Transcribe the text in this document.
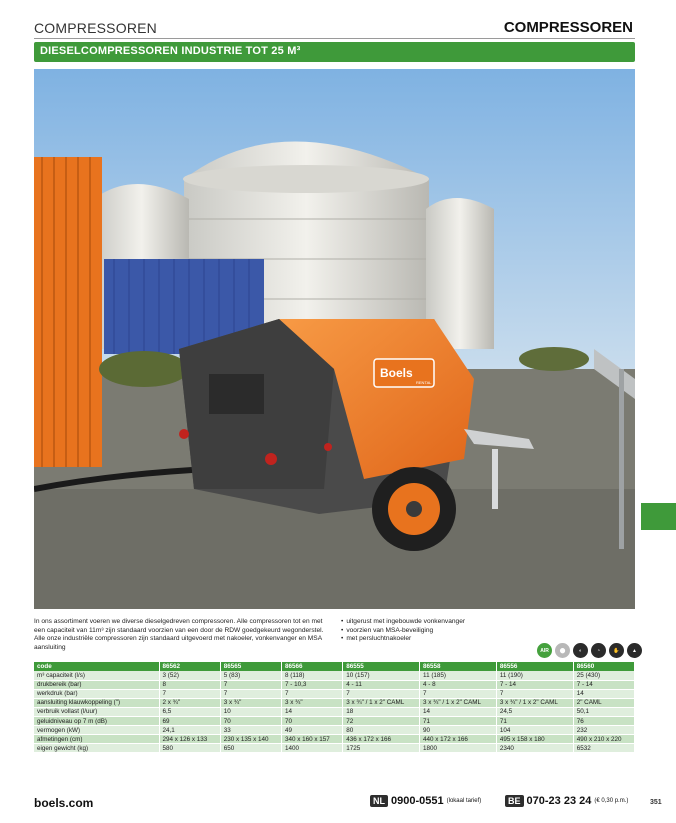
COMPRESSOREN	COMPRESSOREN
DIESELCOMPRESSOREN INDUSTRIE TOT 25 M³
Boels
RENTAL

In ons assortiment voeren we diverse dieselgedreven compressoren. Alle compressoren tot en met een capaciteit van 11m³ zijn standaard voorzien van een door de RDW goedgekeurd wegonderstel. Alle onze industriële compressoren zijn standaard uitgevoerd met nakoeler, vonkenvanger en MSA aansluiting

• uitgerust met ingebouwde vonkenvanger
• voorzien van MSA-beveiliging
• met persluchtnakoeler
AIR	⬤	◐	◔	✋	▲
code	86562	86565	86566	86555	86558	86556	86560
m³ capaciteit (l/s)	3 (52)	5 (83)	8 (118)	10 (157)	11 (185)	11 (190)	25 (430)
drukbereik (bar)	8	7	7 - 10,3	4 - 11	4 - 8	7 - 14	7 - 14
werkdruk (bar)	7	7	7	7	7	7	14
aansluiting klauwkoppeling (")	2 x ¾"	3 x ¾"	3 x ¾"	3 x ¾" / 1 x 2" CAML	3 x ¾" / 1 x 2" CAML	3 x ¾" / 1 x 2" CAML	2" CAML
verbruik vollast (l/uur)	6,5	10	14	18	14	24,5	50,1
geluidniveau op 7 m (dB)	69	70	70	72	71	71	76
vermogen (kW)	24,1	33	49	80	90	104	232
afmetingen (cm)	294 x 126 x 133	230 x 135 x 140	340 x 160 x 157	436 x 172 x 166	440 x 172 x 166	495 x 158 x 180	490 x 210 x 220
eigen gewicht (kg)	580	650	1400	1725	1800	2340	6532
boels.com	NL 0900-0551 (lokaal tarief)	BE 070-23 23 24 (€ 0,30 p.m.)	351
